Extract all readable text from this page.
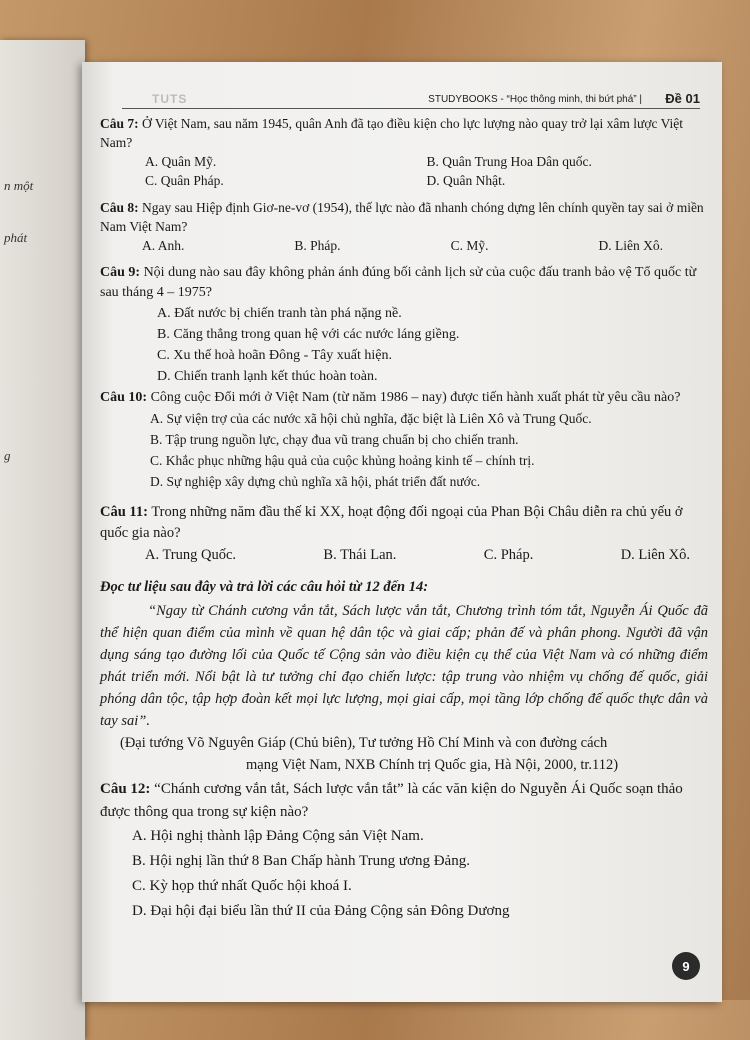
n một
phát
g
TUTS	STUDYBOOKS - “Học thông minh, thi bứt phá” | Đề 01

Câu 7: Ở Việt Nam, sau năm 1945, quân Anh đã tạo điều kiện cho lực lượng nào quay trở lại xâm lược Việt Nam?

A. Quân Mỹ.	B. Quân Trung Hoa Dân quốc.
C. Quân Pháp.	D. Quân Nhật.

Câu 8: Ngay sau Hiệp định Giơ-ne-vơ (1954), thế lực nào đã nhanh chóng dựng lên chính quyền tay sai ở miền Nam Việt Nam?

A. Anh.	B. Pháp.	C. Mỹ.	D. Liên Xô.

Câu 9: Nội dung nào sau đây không phản ánh đúng bối cảnh lịch sử của cuộc đấu tranh bảo vệ Tổ quốc từ sau tháng 4 – 1975?

A. Đất nước bị chiến tranh tàn phá nặng nề.
B. Căng thẳng trong quan hệ với các nước láng giềng.
C. Xu thế hoà hoãn Đông - Tây xuất hiện.
D. Chiến tranh lạnh kết thúc hoàn toàn.

Câu 10: Công cuộc Đổi mới ở Việt Nam (từ năm 1986 – nay) được tiến hành xuất phát từ yêu cầu nào?

A. Sự viện trợ của các nước xã hội chủ nghĩa, đặc biệt là Liên Xô và Trung Quốc.
B. Tập trung nguồn lực, chạy đua vũ trang chuẩn bị cho chiến tranh.
C. Khắc phục những hậu quả của cuộc khủng hoảng kinh tế – chính trị.
D. Sự nghiệp xây dựng chủ nghĩa xã hội, phát triển đất nước.

Câu 11: Trong những năm đầu thế kỉ XX, hoạt động đối ngoại của Phan Bội Châu diễn ra chủ yếu ở quốc gia nào?

A. Trung Quốc.	B. Thái Lan.	C. Pháp.	D. Liên Xô.
Đọc tư liệu sau đây và trả lời các câu hỏi từ 12 đến 14:

“Ngay từ Chánh cương vắn tắt, Sách lược vắn tắt, Chương trình tóm tắt, Nguyễn Ái Quốc đã thể hiện quan điểm của mình về quan hệ dân tộc và giai cấp; phản đế và phân phong. Người đã vận dụng sáng tạo đường lối của Quốc tế Cộng sản vào điều kiện cụ thể của Việt Nam và có những điểm phát triển mới. Nổi bật là tư tưởng chỉ đạo chiến lược: tập trung vào nhiệm vụ chống đế quốc, giải phóng dân tộc, tập hợp đoàn kết mọi lực lượng, mọi giai cấp, mọi tầng lớp chống đế quốc thực dân và tay sai”.

(Đại tướng Võ Nguyên Giáp (Chủ biên), Tư tưởng Hồ Chí Minh và con đường cách
mạng Việt Nam, NXB Chính trị Quốc gia, Hà Nội, 2000, tr.112)

Câu 12: “Chánh cương vắn tắt, Sách lược vắn tắt” là các văn kiện do Nguyễn Ái Quốc soạn thảo được thông qua trong sự kiện nào?

A. Hội nghị thành lập Đảng Cộng sản Việt Nam.
B. Hội nghị lần thứ 8 Ban Chấp hành Trung ương Đảng.
C. Kỳ họp thứ nhất Quốc hội khoá I.
D. Đại hội đại biểu lần thứ II của Đảng Cộng sản Đông Dương
9
